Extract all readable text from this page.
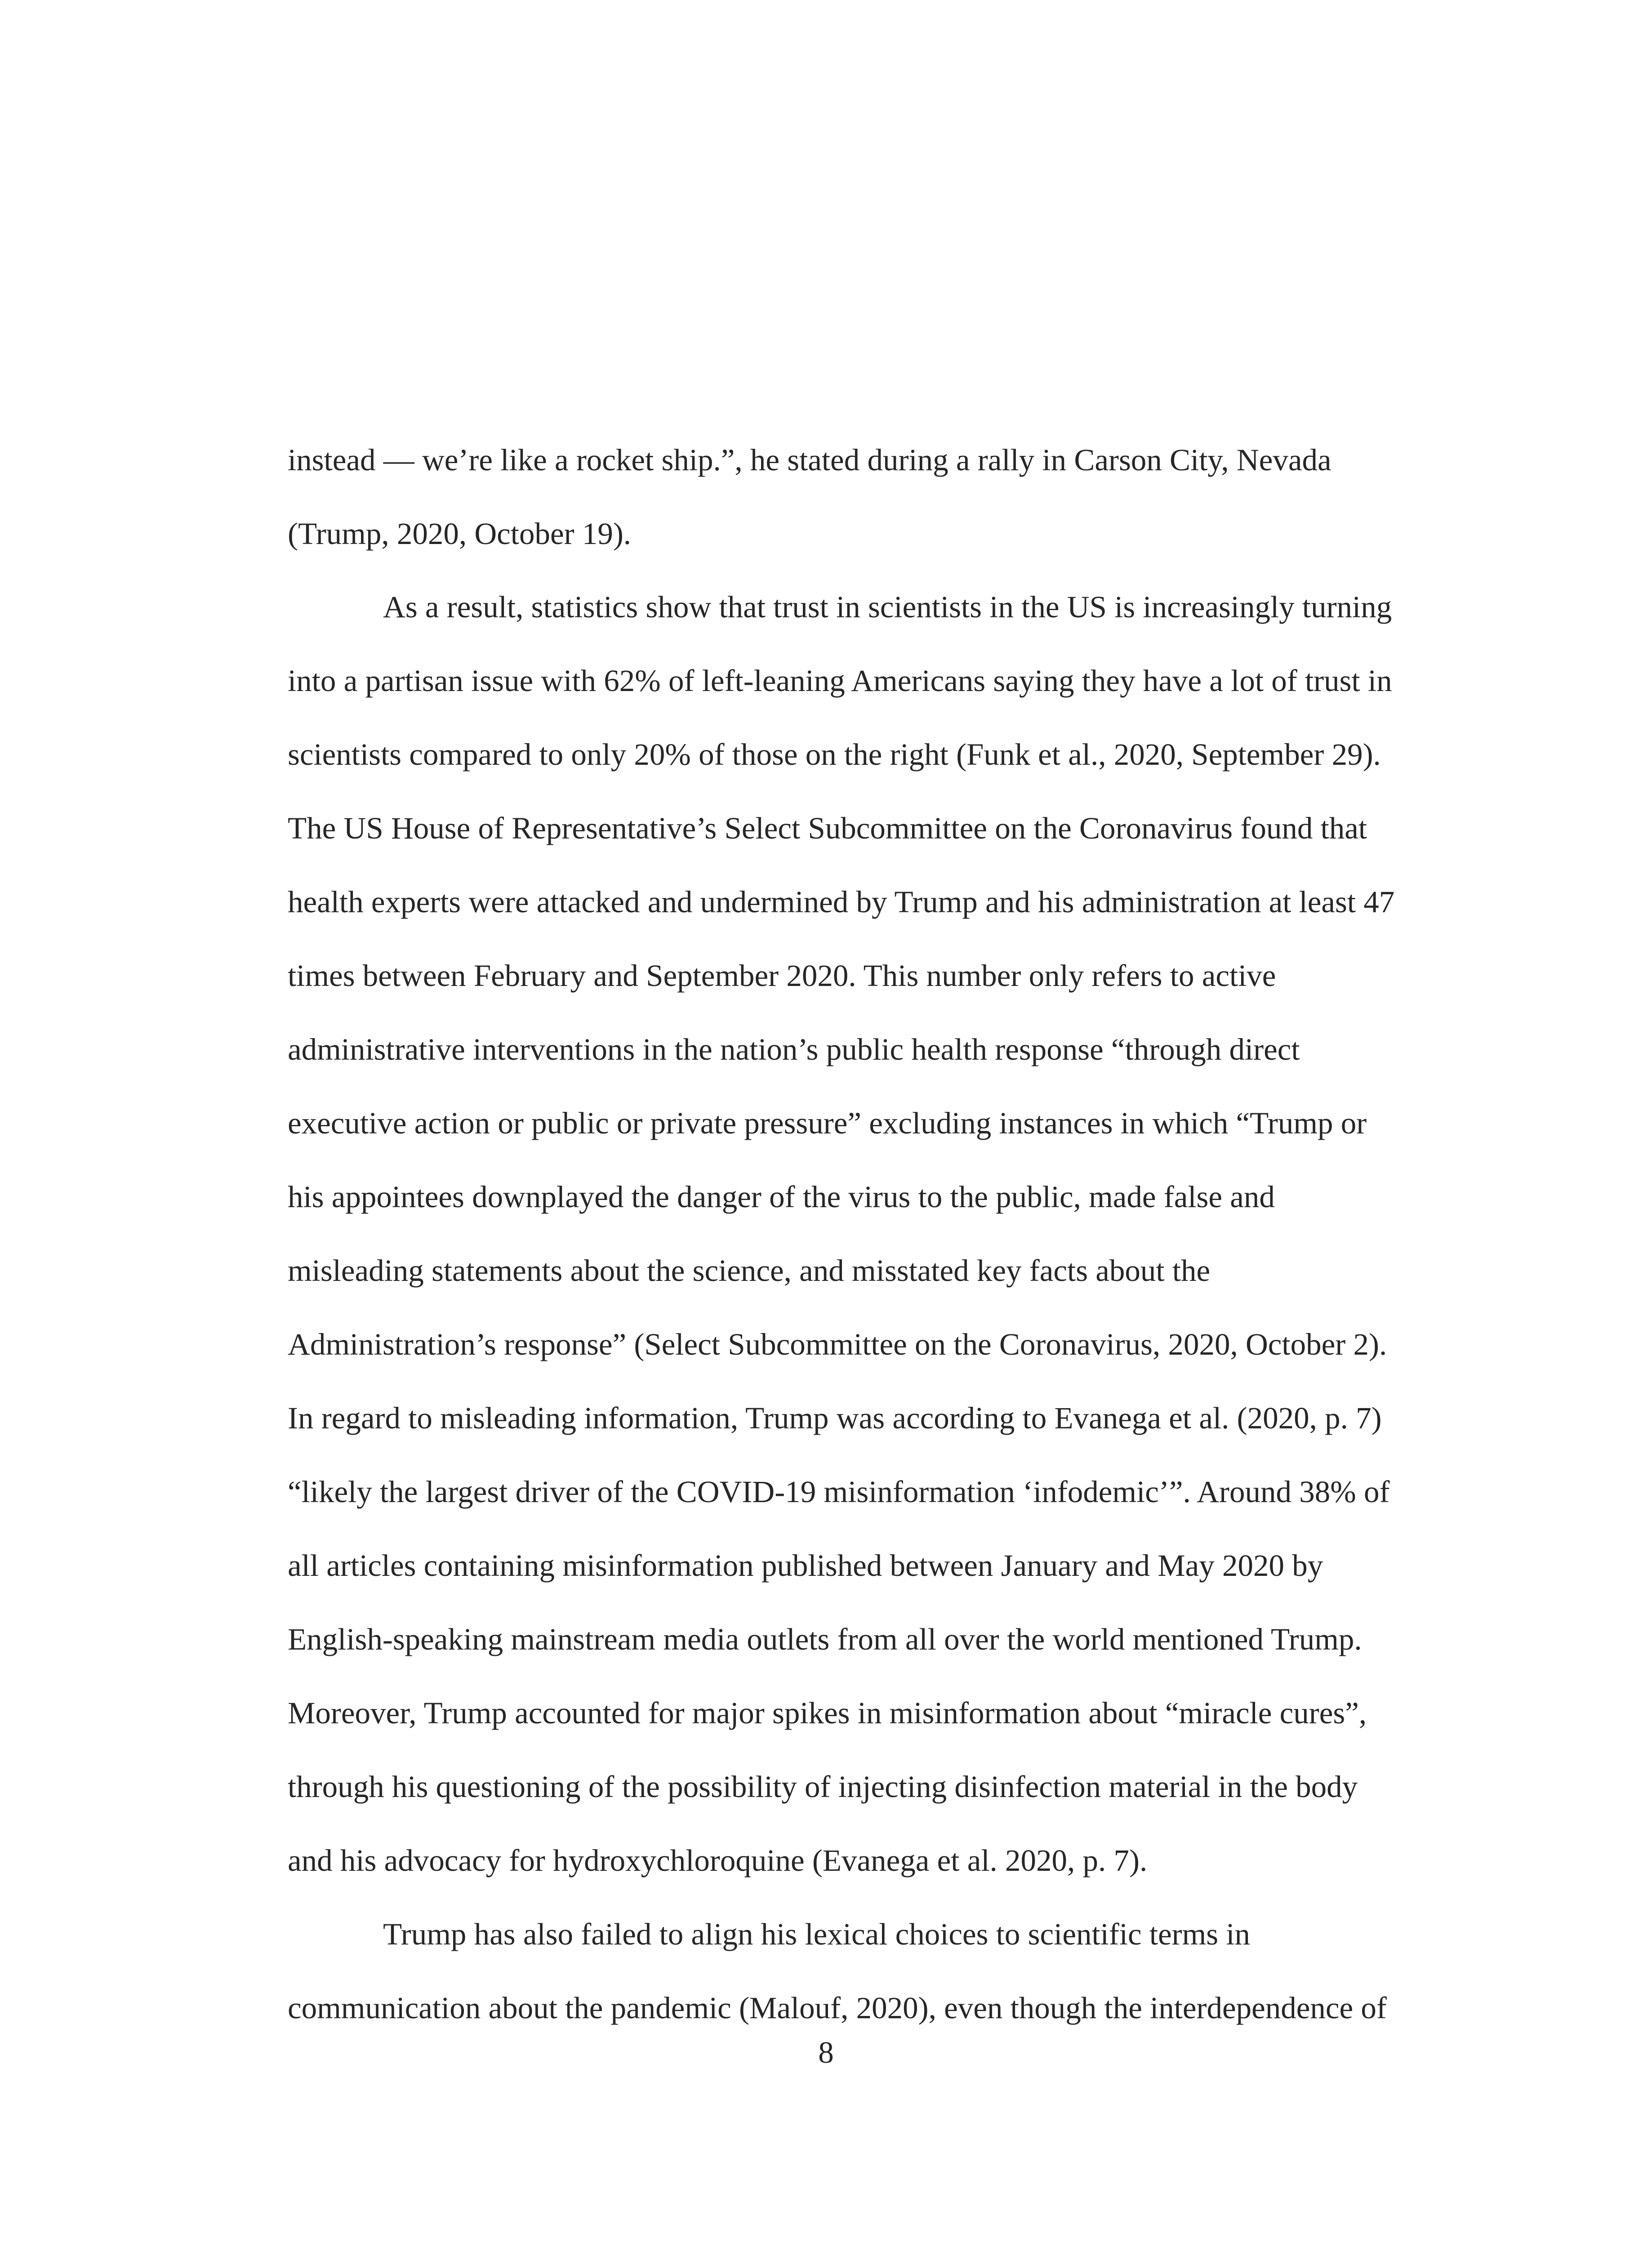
instead — we’re like a rocket ship.”, he stated during a rally in Carson City, Nevada

(Trump, 2020, October 19).

As a result, statistics show that trust in scientists in the US is increasingly turning

into a partisan issue with 62% of left-leaning Americans saying they have a lot of trust in

scientists compared to only 20% of those on the right (Funk et al., 2020, September 29).

The US House of Representative’s Select Subcommittee on the Coronavirus found that

health experts were attacked and undermined by Trump and his administration at least 47

times between February and September 2020. This number only refers to active

administrative interventions in the nation’s public health response “through direct

executive action or public or private pressure” excluding instances in which “Trump or

his appointees downplayed the danger of the virus to the public, made false and

misleading statements about the science, and misstated key facts about the

Administration’s response” (Select Subcommittee on the Coronavirus, 2020, October 2).

In regard to misleading information, Trump was according to Evanega et al. (2020, p. 7)

“likely the largest driver of the COVID-19 misinformation ‘infodemic’”. Around 38% of

all articles containing misinformation published between January and May 2020 by

English-speaking mainstream media outlets from all over the world mentioned Trump.

Moreover, Trump accounted for major spikes in misinformation about “miracle cures”,

through his questioning of the possibility of injecting disinfection material in the body

and his advocacy for hydroxychloroquine (Evanega et al. 2020, p. 7).

Trump has also failed to align his lexical choices to scientific terms in

communication about the pandemic (Malouf, 2020), even though the interdependence of

8
